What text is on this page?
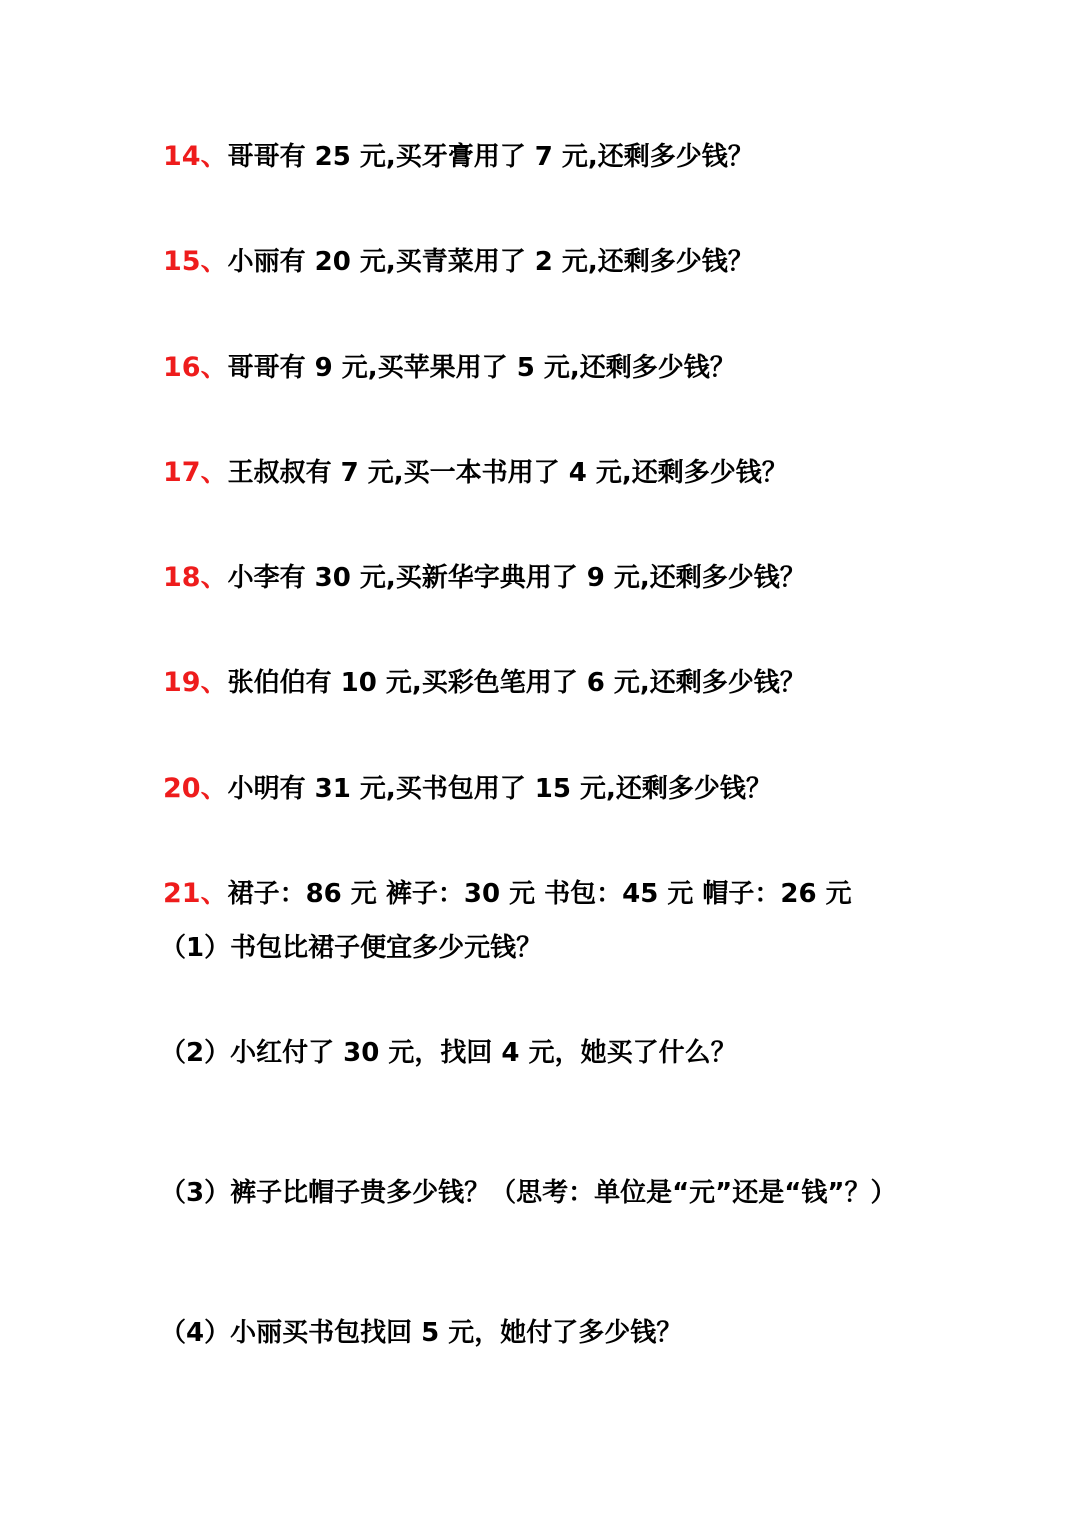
14、哥哥有 25 元,买牙膏用了 7 元,还剩多少钱？
15、小丽有 20 元,买青菜用了 2 元,还剩多少钱？
16、哥哥有 9 元,买苹果用了 5 元,还剩多少钱？
17、王叔叔有 7 元,买一本书用了 4 元,还剩多少钱？
18、小李有 30 元,买新华字典用了 9 元,还剩多少钱？
19、张伯伯有 10 元,买彩色笔用了 6 元,还剩多少钱？
20、小明有 31 元,买书包用了 15 元,还剩多少钱？
21、裙子：86 元 裤子：30 元 书包：45 元 帽子：26 元
（1）书包比裙子便宜多少元钱？
（2）小红付了 30 元，找回 4 元，她买了什么？
（3）裤子比帽子贵多少钱？（思考：单位是“元”还是“钱”？）
（4）小丽买书包找回 5 元，她付了多少钱？
